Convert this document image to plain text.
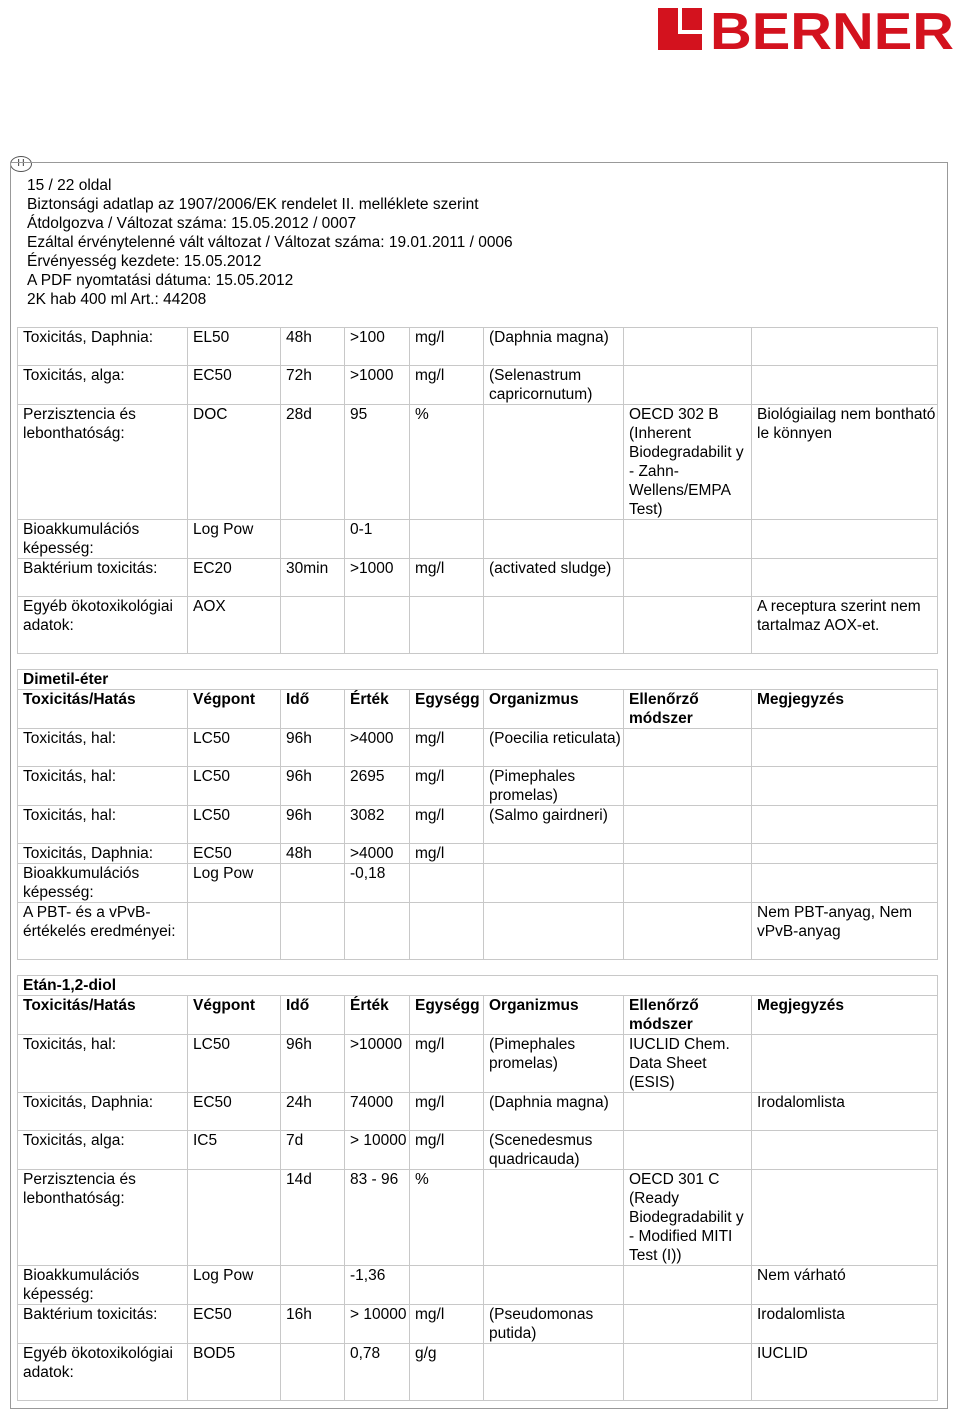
BERNER
H
15 / 22 oldal
Biztonsági adatlap az 1907/2006/EK rendelet II. melléklete szerint
Átdolgozva / Változat száma: 15.05.2012 / 0007
Ezáltal érvénytelenné vált változat / Változat száma: 19.01.2011 / 0006
Érvényesség kezdete: 15.05.2012
A PDF nyomtatási dátuma: 15.05.2012
2K hab 400 ml Art.: 44208
Toxicitás, Daphnia:	EL50	48h	>100	mg/l	(Daphnia magna)		
Toxicitás, alga:	EC50	72h	>1000	mg/l	(Selenastrum capricornutum)		
Perzisztencia és lebonthatóság:	DOC	28d	95	%		OECD 302 B (Inherent Biodegradabilit y - Zahn-Wellens/EMPA Test)	Biológiailag nem bontható le könnyen
Bioakkumulációs képesség:	Log Pow		0-1				
Baktérium toxicitás:	EC20	30min	>1000	mg/l	(activated sludge)		
Egyéb ökotoxikológiai adatok:	AOX						A receptura szerint nem tartalmaz AOX-et.
Dimetil-éter							
Toxicitás/Hatás	Végpont	Idő	Érték	Egységg	Organizmus	Ellenőrző módszer	Megjegyzés
Toxicitás, hal:	LC50	96h	>4000	mg/l	(Poecilia reticulata)		
Toxicitás, hal:	LC50	96h	2695	mg/l	(Pimephales promelas)		
Toxicitás, hal:	LC50	96h	3082	mg/l	(Salmo gairdneri)		
Toxicitás, Daphnia:	EC50	48h	>4000	mg/l			
Bioakkumulációs képesség:	Log Pow		-0,18				
A PBT- és a vPvB-értékelés eredményei:							Nem PBT-anyag, Nem vPvB-anyag
Etán-1,2-diol							
Toxicitás/Hatás	Végpont	Idő	Érték	Egységg	Organizmus	Ellenőrző módszer	Megjegyzés
Toxicitás, hal:	LC50	96h	>10000	mg/l	(Pimephales promelas)	IUCLID Chem. Data Sheet (ESIS)	
Toxicitás, Daphnia:	EC50	24h	74000	mg/l	(Daphnia magna)		Irodalomlista
Toxicitás, alga:	IC5	7d	> 10000	mg/l	(Scenedesmus quadricauda)		
Perzisztencia és lebonthatóság:		14d	83 - 96	%		OECD 301 C (Ready Biodegradabilit y - Modified MITI Test (I))	
Bioakkumulációs képesség:	Log Pow		-1,36				Nem várható
Baktérium toxicitás:	EC50	16h	> 10000	mg/l	(Pseudomonas putida)		Irodalomlista
Egyéb ökotoxikológiai adatok:	BOD5		0,78	g/g			IUCLID
